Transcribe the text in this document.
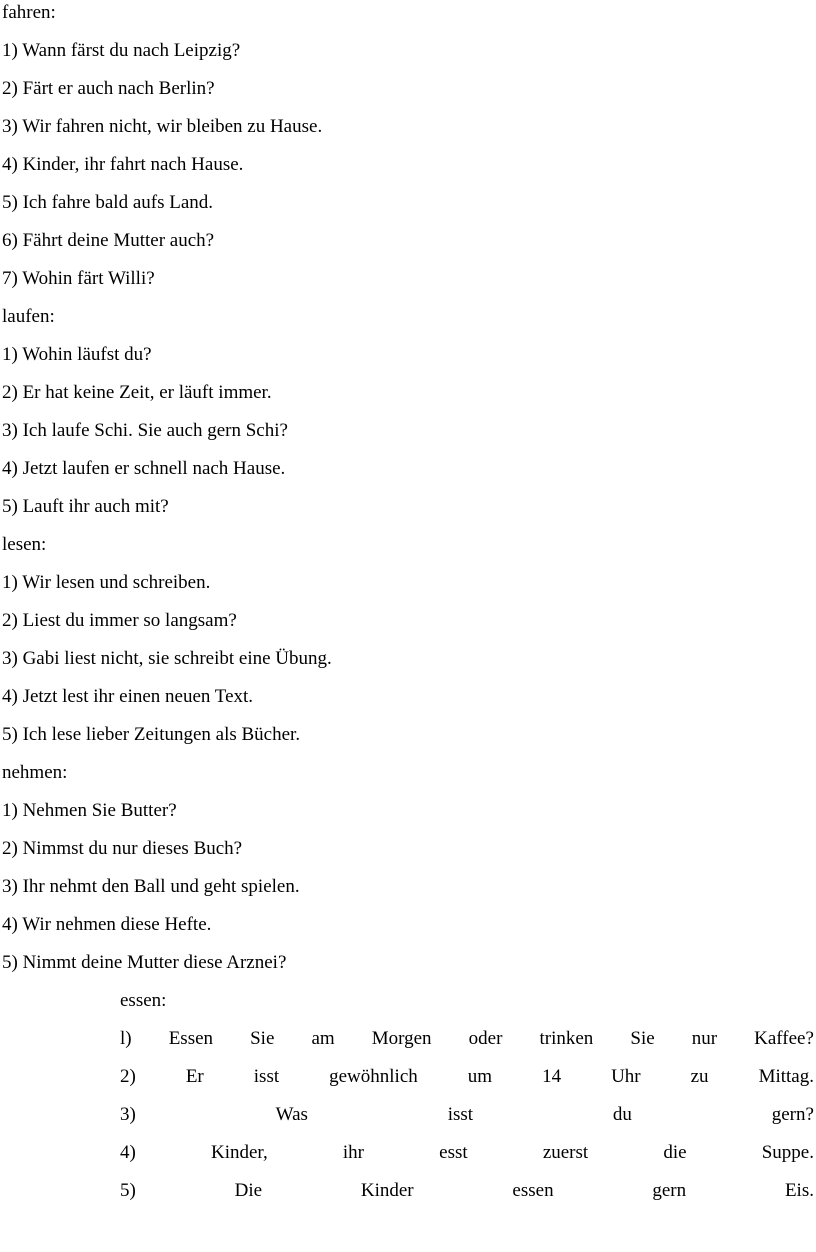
fahren:
1) Wann färst du nach Leipzig?
2) Färt er auch nach Berlin?
3) Wir fahren nicht, wir bleiben zu Hause.
4) Kinder, ihr fahrt nach Hause.
5) Ich fahre bald aufs Land.
6) Fährt deine Mutter auch?
7) Wohin färt Willi?
laufen:
1) Wohin läufst du?
2) Er hat keine Zeit, er läuft immer.
3) Ich laufe Schi. Sie auch gern Schi?
4) Jetzt laufen er schnell nach Hause.
5) Lauft ihr auch mit?
lesen:
1) Wir lesen und schreiben.
2) Liest du immer so langsam?
3) Gabi liest nicht, sie schreibt eine Übung.
4) Jetzt lest ihr einen neuen Text.
5) Ich lese lieber Zeitungen als Bücher.
nehmen:
1) Nehmen Sie Butter?
2) Nimmst du nur dieses Buch?
3) Ihr nehmt den Ball und geht spielen.
4) Wir nehmen diese Hefte.
5) Nimmt deine Mutter diese Arznei?
essen:
l) Essen Sie am Morgen oder trinken Sie nur Kaffee?
2)	Er	isst	gewöhnlich	um	14	Uhr	zu	Mittag.
3)	Was	isst	du	gern?
4)	Kinder,	ihr	esst	zuerst	die	Suppe.
5)	Die	Kinder	essen	gern	Eis.
